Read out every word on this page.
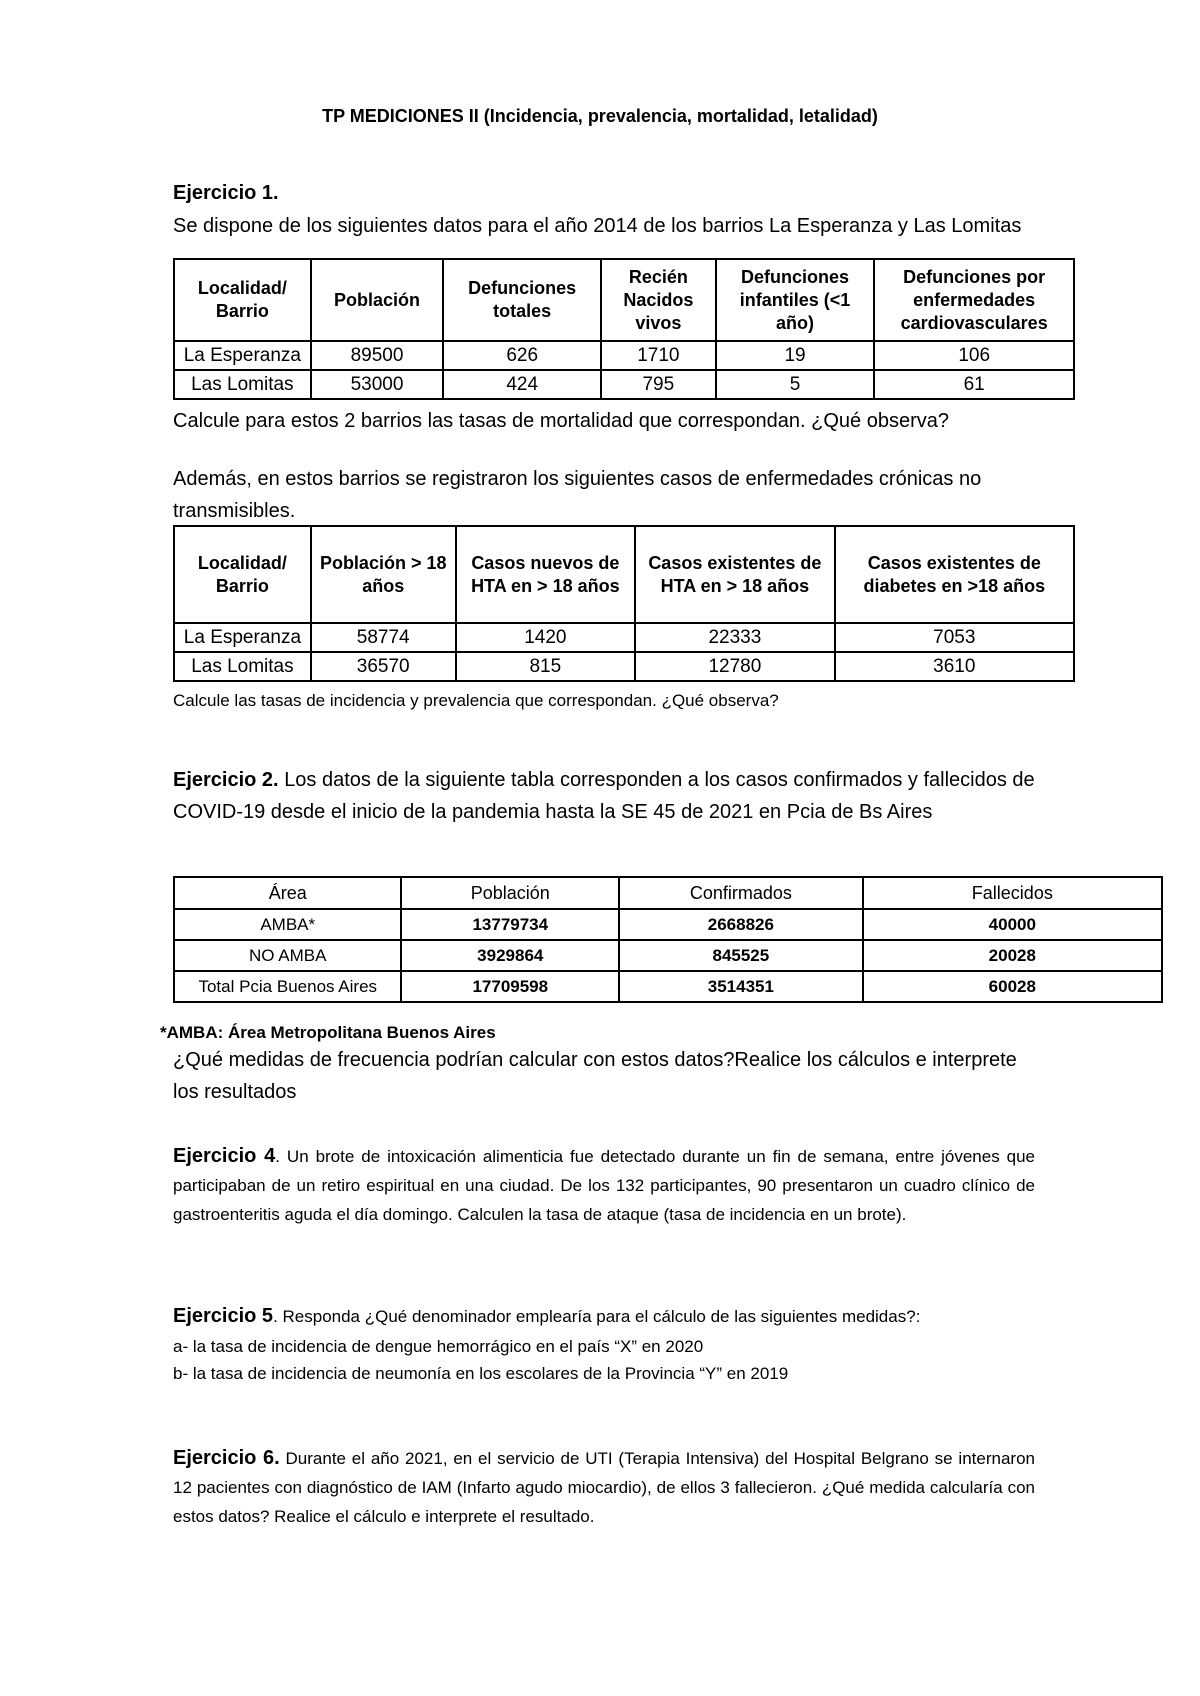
TP MEDICIONES II (Incidencia, prevalencia, mortalidad, letalidad)
Ejercicio 1.
Se dispone de los siguientes datos para el año 2014 de los barrios La Esperanza y Las Lomitas
Localidad/ Barrio	Población	Defunciones totales	Recién Nacidos vivos	Defunciones infantiles (<1 año)	Defunciones por enfermedades cardiovasculares
La Esperanza	89500	626	1710	19	106
Las Lomitas	53000	424	795	5	61
Calcule para estos 2 barrios las tasas de mortalidad que correspondan. ¿Qué observa?
Además, en estos barrios se registraron los siguientes casos de enfermedades crónicas no transmisibles.
Localidad/ Barrio	Población > 18 años	Casos nuevos de HTA en > 18 años	Casos existentes de HTA en > 18 años	Casos existentes de diabetes en >18 años
La Esperanza	58774	1420	22333	7053
Las Lomitas	36570	815	12780	3610
Calcule las tasas de incidencia y prevalencia que correspondan. ¿Qué observa?
Ejercicio 2. Los datos de la siguiente tabla corresponden a los casos confirmados y fallecidos de COVID-19 desde el inicio de la pandemia hasta la SE 45 de 2021 en Pcia de Bs Aires
Área	Población	Confirmados	Fallecidos
AMBA*	13779734	2668826	40000
NO AMBA	3929864	845525	20028
Total Pcia Buenos Aires	17709598	3514351	60028
*AMBA: Área Metropolitana Buenos Aires
¿Qué medidas de frecuencia podrían calcular con estos datos?Realice los cálculos e interprete los resultados
Ejercicio 4. Un brote de intoxicación alimenticia fue detectado durante un fin de semana, entre jóvenes que participaban de un retiro espiritual en una ciudad. De los 132 participantes, 90 presentaron un cuadro clínico de gastroenteritis aguda el día domingo. Calculen la tasa de ataque (tasa de incidencia en un brote).
Ejercicio 5. Responda ¿Qué denominador emplearía para el cálculo de las siguientes medidas?:
a- la tasa de incidencia de dengue hemorrágico en el país “X” en 2020
b- la tasa de incidencia de neumonía en los escolares de la Provincia “Y” en 2019
Ejercicio 6. Durante el año 2021, en el servicio de UTI (Terapia Intensiva) del Hospital Belgrano se internaron 12 pacientes con diagnóstico de IAM (Infarto agudo miocardio), de ellos 3 fallecieron. ¿Qué medida calcularía con estos datos? Realice el cálculo e interprete el resultado.
